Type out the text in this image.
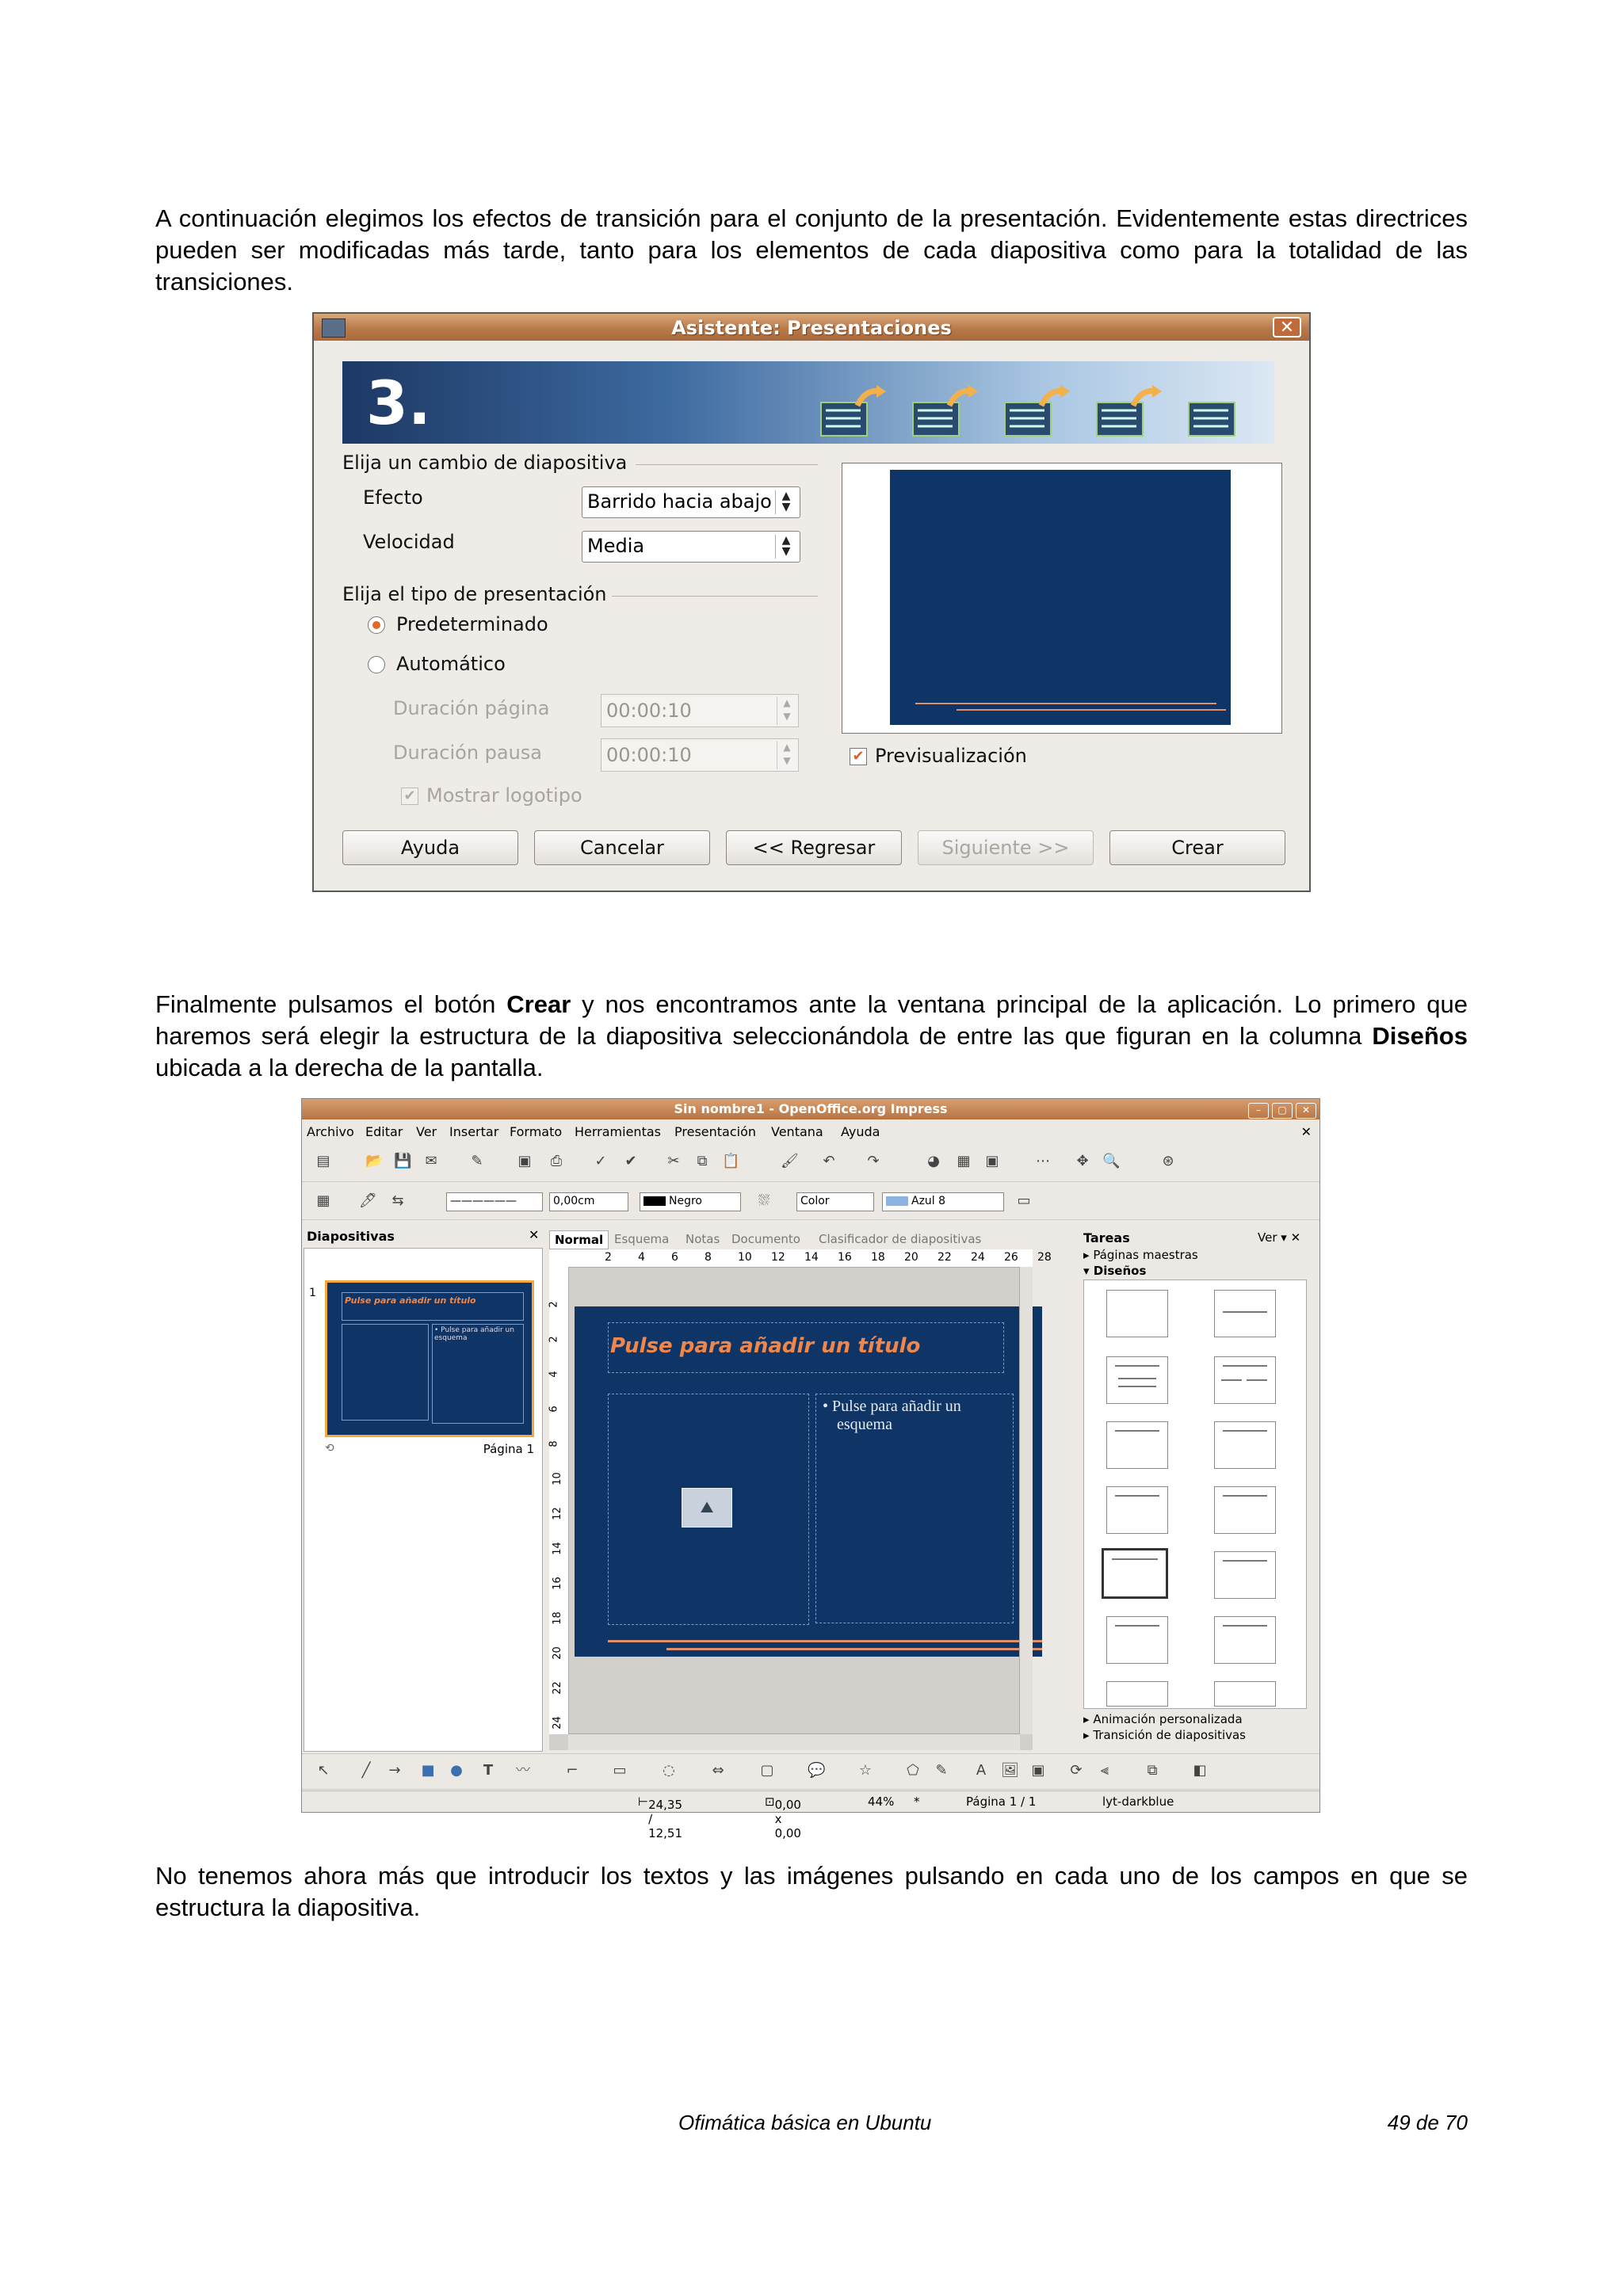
A continuación elegimos los efectos de transición para el conjunto de la presentación. Evidentemente estas directrices pueden ser modificadas más tarde, tanto para los elementos de cada diapositiva como para la totalidad de las transiciones.
Asistente: Presentaciones	✕
3.
Elija un cambio de diapositiva
Efecto	Barrido hacia abajo ▲
▼
Velocidad	Media	▲
▼
Elija el tipo de presentación
Predeterminado
Automático
Duración página	00:00:10	▲
▼
Duración pausa	00:00:10	▲
▼
✔ Mostrar logotipo
✔ Previsualización
Ayuda	Cancelar	<< Regresar	Siguiente >>	Crear
Finalmente pulsamos el botón Crear y nos encontramos ante la ventana principal de la aplicación. Lo primero que haremos será elegir la estructura de la diapositiva seleccionándola de entre las que figuran en la columna Diseños ubicada a la derecha de la pantalla.
Sin nombre1 - OpenOffice.org Impress	– ▢ ✕
Archivo Editar Ver Insertar Formato Herramientas Presentación Ventana Ayuda	✕
▤ 📂 💾 ✉ ✎ ▣ ⎙ ✓ ✔ ✂ ⧉ 📋	🖌 ↶ ↷	◕ ▦ ▣	⋯ ✥ 🔍	⊛
▦ 🖊 ⇆	——————	0,00cm	Negro	⛆	Color	Azul 8	▭
Diapositivas	✕
1
Pulse para añadir un título
• Pulse para añadir un esquema
⟲	Página 1
Normal Esquema	Notas Documento	Clasificador de diapositivas
2 4 6 8 10 12 14 16 18 20 22 24 26 28
2
2
4
6
8
10
12
14
16
18
20
22
24
Pulse para añadir un título
⛰
• Pulse para añadir un
esquema
Tareas	Ver ▾ ✕
▸ Páginas maestras
▾ Diseños
▸ Animación personalizada
▸ Transición de diapositivas
↖	╱	→ ■ ● T 〰	⌐ ▭	◌	⇔	▢ 💬 ☆ ⬠ ✎ A 🖼 ▣ ⟳	⫷	⧉	◧
⊢ 24,35 / 12,51
⊡ 0,00 x 0,00
44% *	Página 1 / 1	lyt-darkblue
No tenemos ahora más que introducir los textos y las imágenes pulsando en cada uno de los campos en que se estructura la diapositiva.
Ofimática básica en Ubuntu	49 de 70
